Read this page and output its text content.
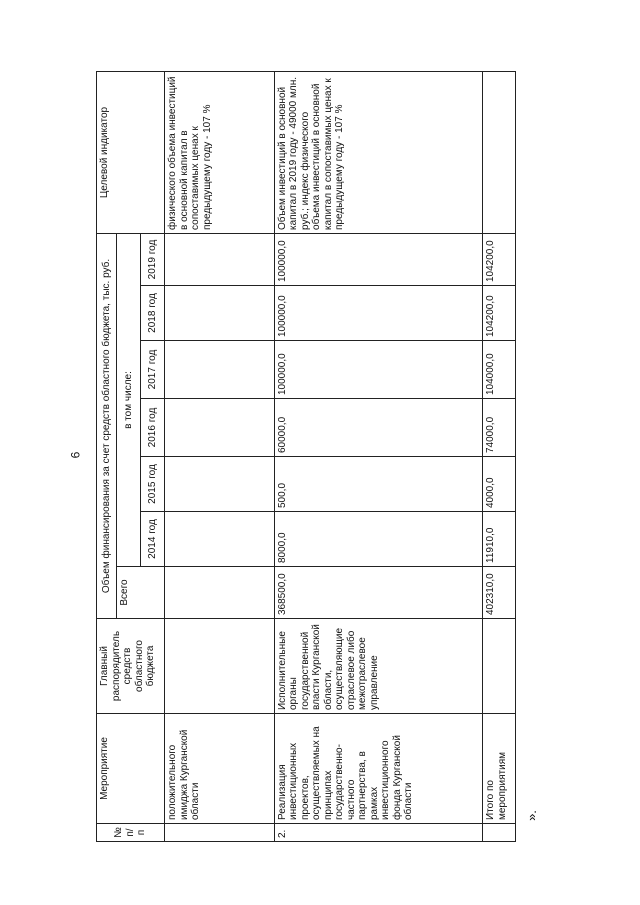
6
№ п/п	Мероприятие	Главный распорядитель средств областного бюджета	Объем финансирования за счет средств областного бюджета, тыс. руб.							Целевой индикатор
			Всего	в том числе:						
				2014 год	2015 год	2016 год	2017 год	2018 год	2019 год	
	положительного имиджа Курганской области									физического объема инвестиций в основной капитал в сопоставимых ценах к предыдущему году - 107 %
2.	Реализация инвестиционных проектов, осуществляемых на принципах государственно-частного партнерства, в рамках инвестиционного фонда Курганской области	Исполнительные органы государственной власти Курганской области, осуществляющие отраслевое либо межотраслевое управление	368500,0	8000,0	500,0	60000,0	100000,0	100000,0	100000,0	Объем инвестиций в основной капитал в 2019 году - 49000 млн. руб.; индекс физического объема инвестиций в основной капитал в сопоставимых ценах к предыдущему году - 107 %
	Итого по мероприятиям		402310,0	11910,0	4000,0	74000,0	104000,0	104200,0	104200,0	
».
